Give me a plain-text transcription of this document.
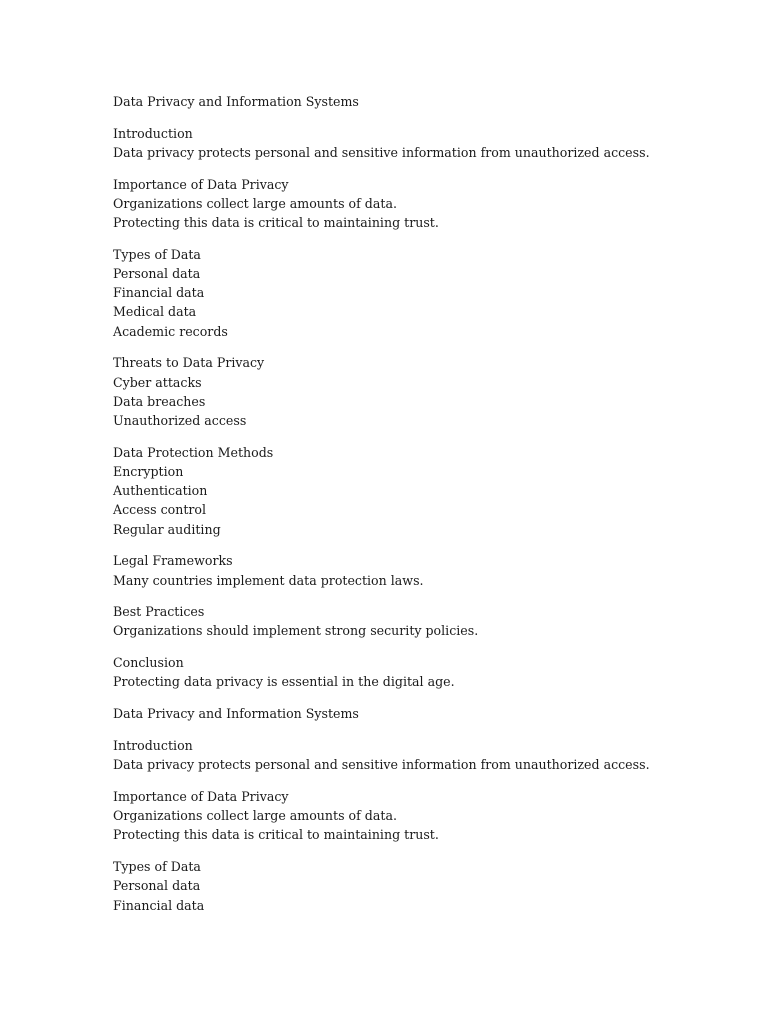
Data Privacy and Information Systems
Introduction
Data privacy protects personal and sensitive information from unauthorized access.
Importance of Data Privacy
Organizations collect large amounts of data.
Protecting this data is critical to maintaining trust.
Types of Data
Personal data
Financial data
Medical data
Academic records
Threats to Data Privacy
Cyber attacks
Data breaches
Unauthorized access
Data Protection Methods
Encryption
Authentication
Access control
Regular auditing
Legal Frameworks
Many countries implement data protection laws.
Best Practices
Organizations should implement strong security policies.
Conclusion
Protecting data privacy is essential in the digital age.
Data Privacy and Information Systems
Introduction
Data privacy protects personal and sensitive information from unauthorized access.
Importance of Data Privacy
Organizations collect large amounts of data.
Protecting this data is critical to maintaining trust.
Types of Data
Personal data
Financial data
